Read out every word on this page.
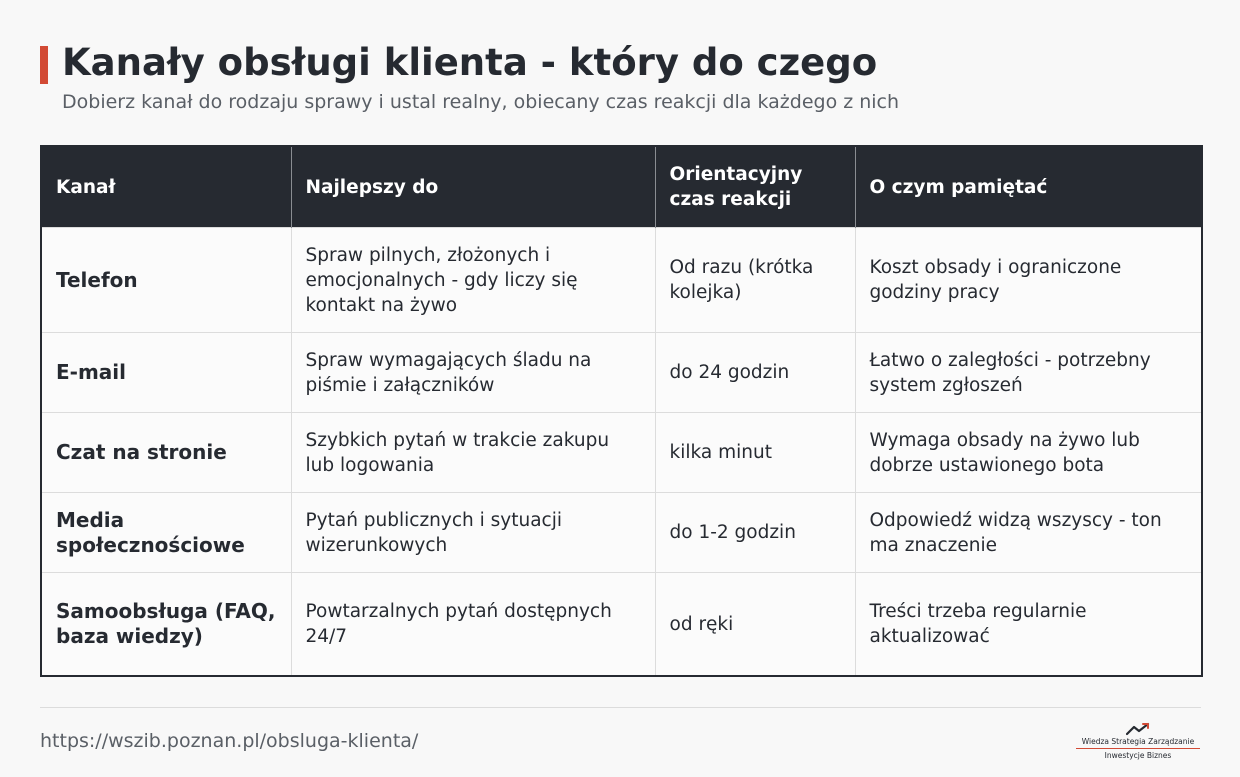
Kanały obsługi klienta - który do czego

Dobierz kanał do rodzaju sprawy i ustal realny, obiecany czas reakcji dla każdego z nich

Kanał	Najlepszy do	Orientacyjny czas reakcji	O czym pamiętać
Telefon	Spraw pilnych, złożonych i emocjonalnych - gdy liczy się kontakt na żywo	Od razu (krótka kolejka)	Koszt obsady i ograniczone godziny pracy
E-mail	Spraw wymagających śladu na piśmie i załączników	do 24 godzin	Łatwo o zaległości - potrzebny system zgłoszeń
Czat na stronie	Szybkich pytań w trakcie zakupu lub logowania	kilka minut	Wymaga obsady na żywo lub dobrze ustawionego bota
Media społecznościowe	Pytań publicznych i sytuacji wizerunkowych	do 1-2 godzin	Odpowiedź widzą wszyscy - ton ma znaczenie
Samoobsługa (FAQ, baza wiedzy)	Powtarzalnych pytań dostępnych 24/7	od ręki	Treści trzeba regularnie aktualizować
https://wszib.poznan.pl/obsluga-klienta/	Wiedza Strategia Zarządzanie
Inwestycje Biznes
